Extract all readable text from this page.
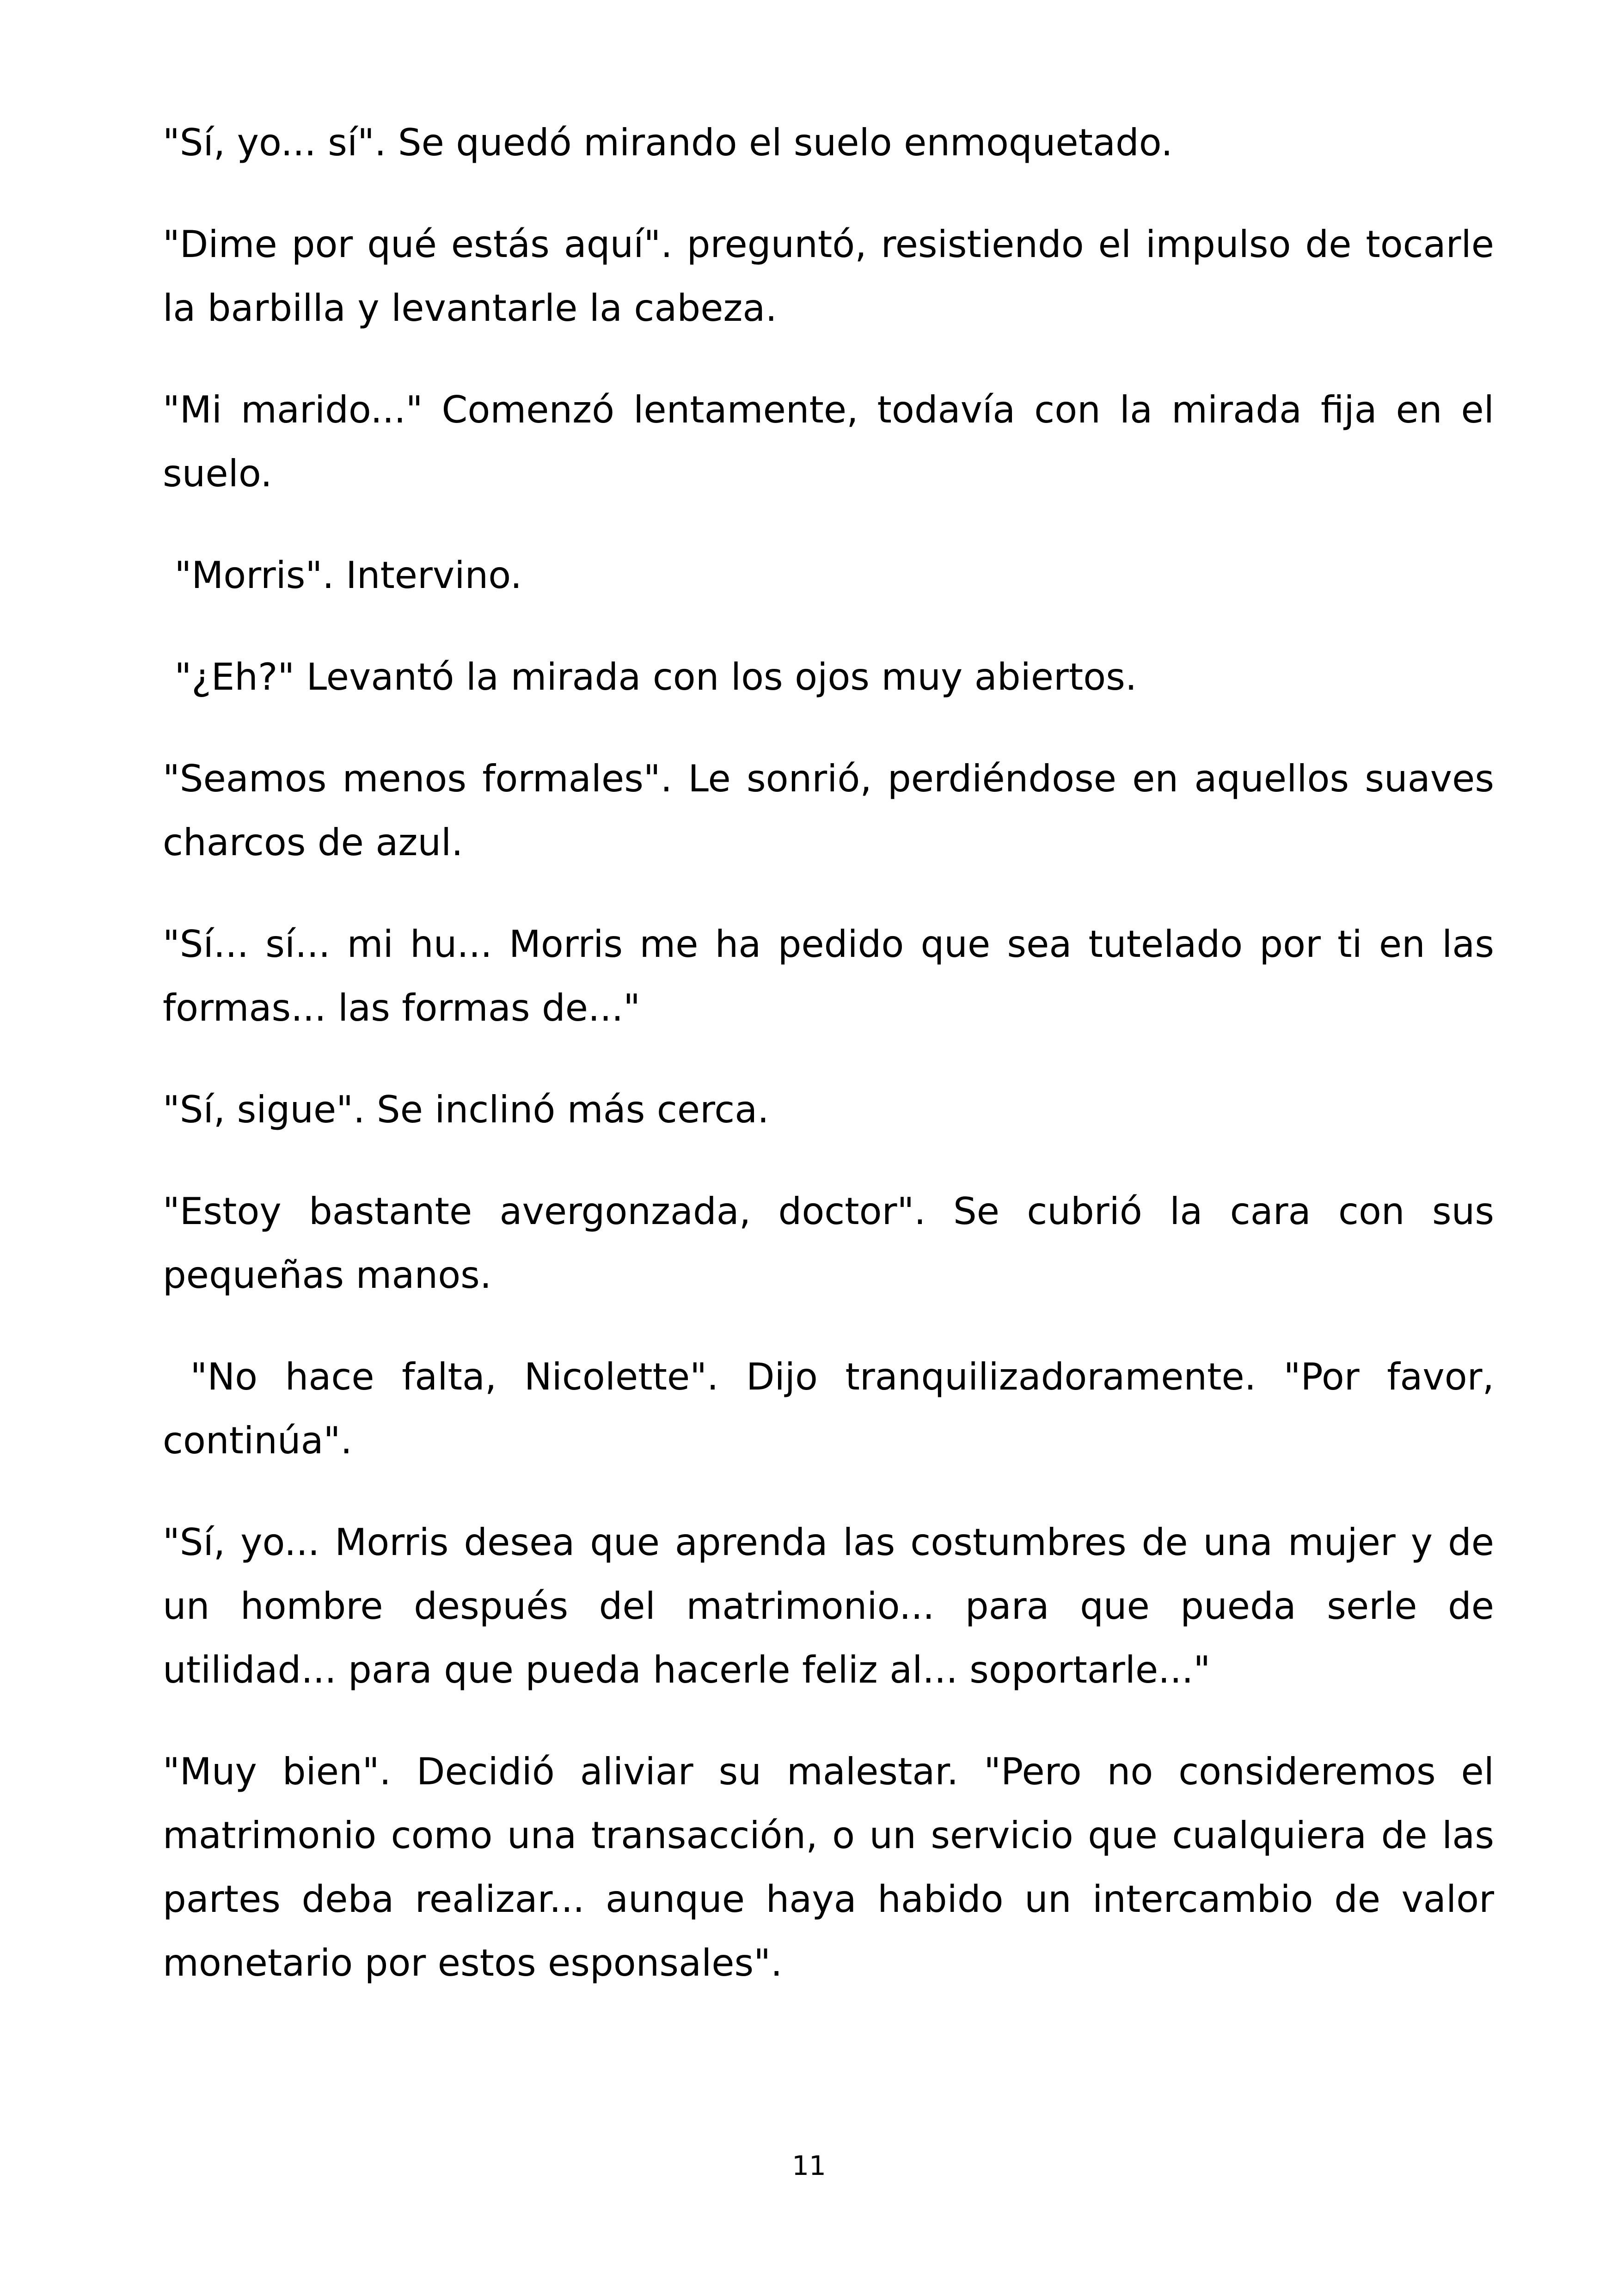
"Sí, yo... sí". Se quedó mirando el suelo enmoquetado.

"Dime por qué estás aquí". preguntó, resistiendo el impulso de tocarle la barbilla y levantarle la cabeza.

"Mi marido..." Comenzó lentamente, todavía con la mirada fija en el suelo.

"Morris". Intervino.

"¿Eh?" Levantó la mirada con los ojos muy abiertos.

"Seamos menos formales". Le sonrió, perdiéndose en aquellos suaves charcos de azul.

"Sí... sí... mi hu... Morris me ha pedido que sea tutelado por ti en las formas... las formas de..."

"Sí, sigue". Se inclinó más cerca.

"Estoy bastante avergonzada, doctor". Se cubrió la cara con sus pequeñas manos.

"No hace falta, Nicolette". Dijo tranquilizadoramente. "Por favor, continúa".

"Sí, yo... Morris desea que aprenda las costumbres de una mujer y de un hombre después del matrimonio... para que pueda serle de utilidad... para que pueda hacerle feliz al... soportarle..."

"Muy bien". Decidió aliviar su malestar. "Pero no consideremos el matrimonio como una transacción, o un servicio que cualquiera de las partes deba realizar... aunque haya habido un intercambio de valor monetario por estos esponsales".

11
